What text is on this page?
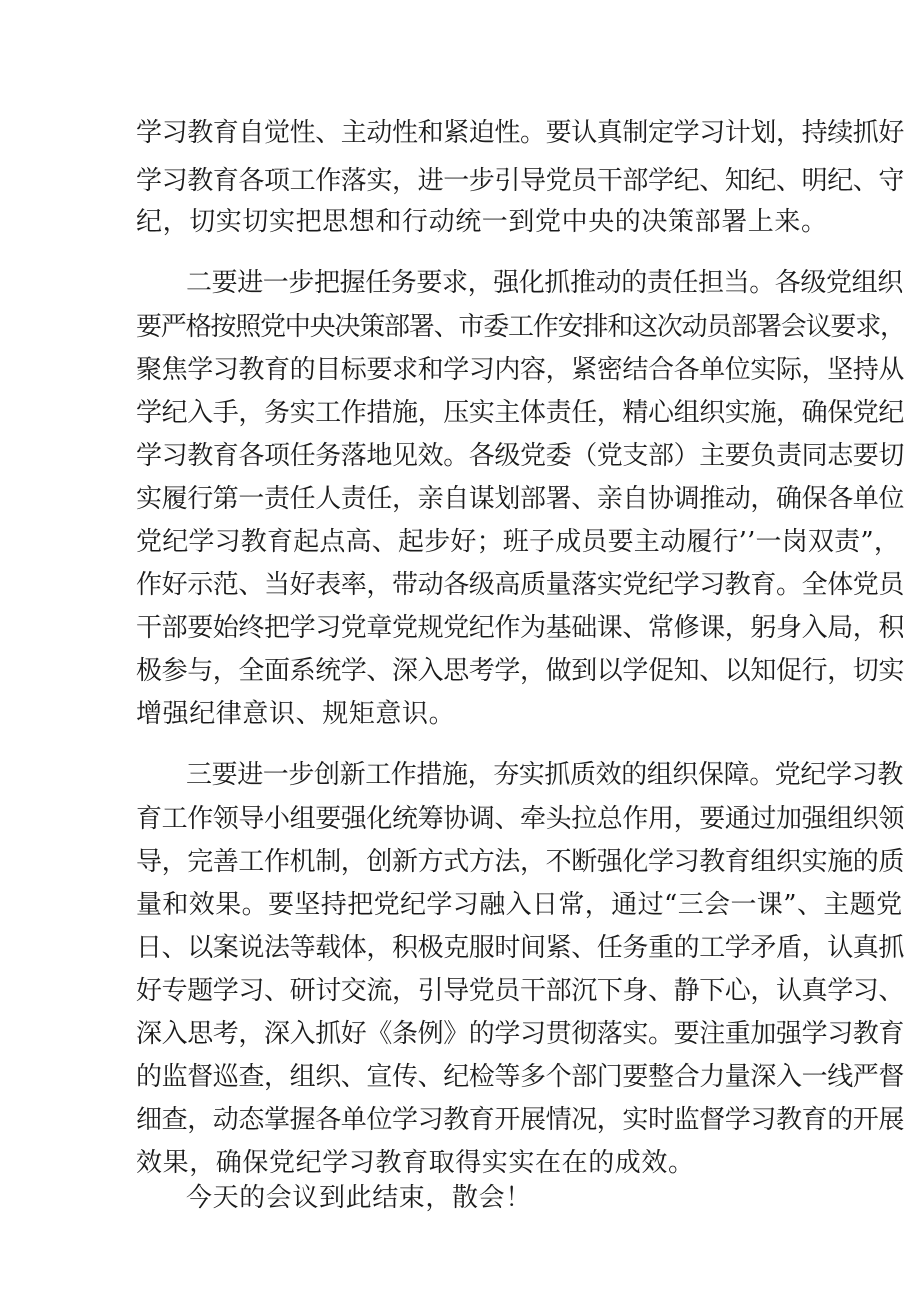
学习教育自觉性、主动性和紧迫性。要认真制定学习计划，持续抓好
学习教育各项工作落实，进一步引导党员干部学纪、知纪、明纪、守
纪，切实切实把思想和行动统一到党中央的决策部署上来。
二要进一步把握任务要求，强化抓推动的责任担当。各级党组织
要严格按照党中央决策部署、市委工作安排和这次动员部署会议要求，
聚焦学习教育的目标要求和学习内容，紧密结合各单位实际，坚持从
学纪入手，务实工作措施，压实主体责任，精心组织实施，确保党纪
学习教育各项任务落地见效。各级党委（党支部）主要负责同志要切
实履行第一责任人责任，亲自谋划部署、亲自协调推动，确保各单位
党纪学习教育起点高、起步好；班子成员要主动履行’’一岗双责”，
作好示范、当好表率，带动各级高质量落实党纪学习教育。全体党员
干部要始终把学习党章党规党纪作为基础课、常修课，躬身入局，积
极参与，全面系统学、深入思考学，做到以学促知、以知促行，切实
增强纪律意识、规矩意识。
三要进一步创新工作措施，夯实抓质效的组织保障。党纪学习教
育工作领导小组要强化统筹协调、牵头拉总作用，要通过加强组织领
导，完善工作机制，创新方式方法，不断强化学习教育组织实施的质
量和效果。要坚持把党纪学习融入日常，通过“三会一课”、主题党
日、以案说法等载体，积极克服时间紧、任务重的工学矛盾，认真抓
好专题学习、研讨交流，引导党员干部沉下身、静下心，认真学习、
深入思考，深入抓好《条例》的学习贯彻落实。要注重加强学习教育
的监督巡查，组织、宣传、纪检等多个部门要整合力量深入一线严督
细查，动态掌握各单位学习教育开展情况，实时监督学习教育的开展
效果，确保党纪学习教育取得实实在在的成效。
今天的会议到此结束，散会！
